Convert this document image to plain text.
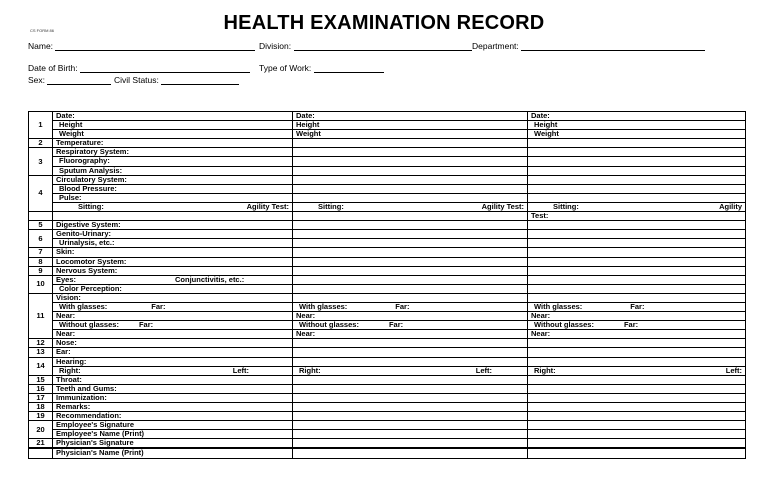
CS FORM 86	HEALTH EXAMINATION RECORD
Name:	Division:	Department:
Date of Birth:	Type of Work:
Sex:	Civil Status:
1	Date:	Date:	Date:
	Height	Height	Height
	Weight	Weight	Weight
2	Temperature:		
3	Respiratory System:		
	Fluorography:		
	Sputum Analysis:		
4	Circulatory System:		
	Blood Pressure:		
	Pulse:		

	Sitting: Agility Test:	Sitting: Agility Test:	Sitting: Agility

			Test:
5	Digestive System:		
6	Genito-Urinary:		
	Urinalysis, etc.:		
7	Skin:		
8	Locomotor System:		
9	Nervous System:		
10	Eyes: Conjunctivitis, etc.:		
	Color Perception:		
11	Vision:		
	With glasses: Far:	With glasses: Far:	With glasses: Far:
	Near:	Near:	Near:
	Without glasses: Far:	Without glasses: Far:	Without glasses: Far:
	Near:	Near:	Near:
12	Nose:		
13	Ear:		
14	Hearing:		

	Right: Left:	Right: Left:	Right: Left:

15	Throat:		
16	Teeth and Gums:		
17	Immunization:		
18	Remarks:		
19	Recommendation:		
20	Employee's Signature		
	Employee's Name (Print)		
21	Physician's Signature		
	Physician's Name (Print)		
